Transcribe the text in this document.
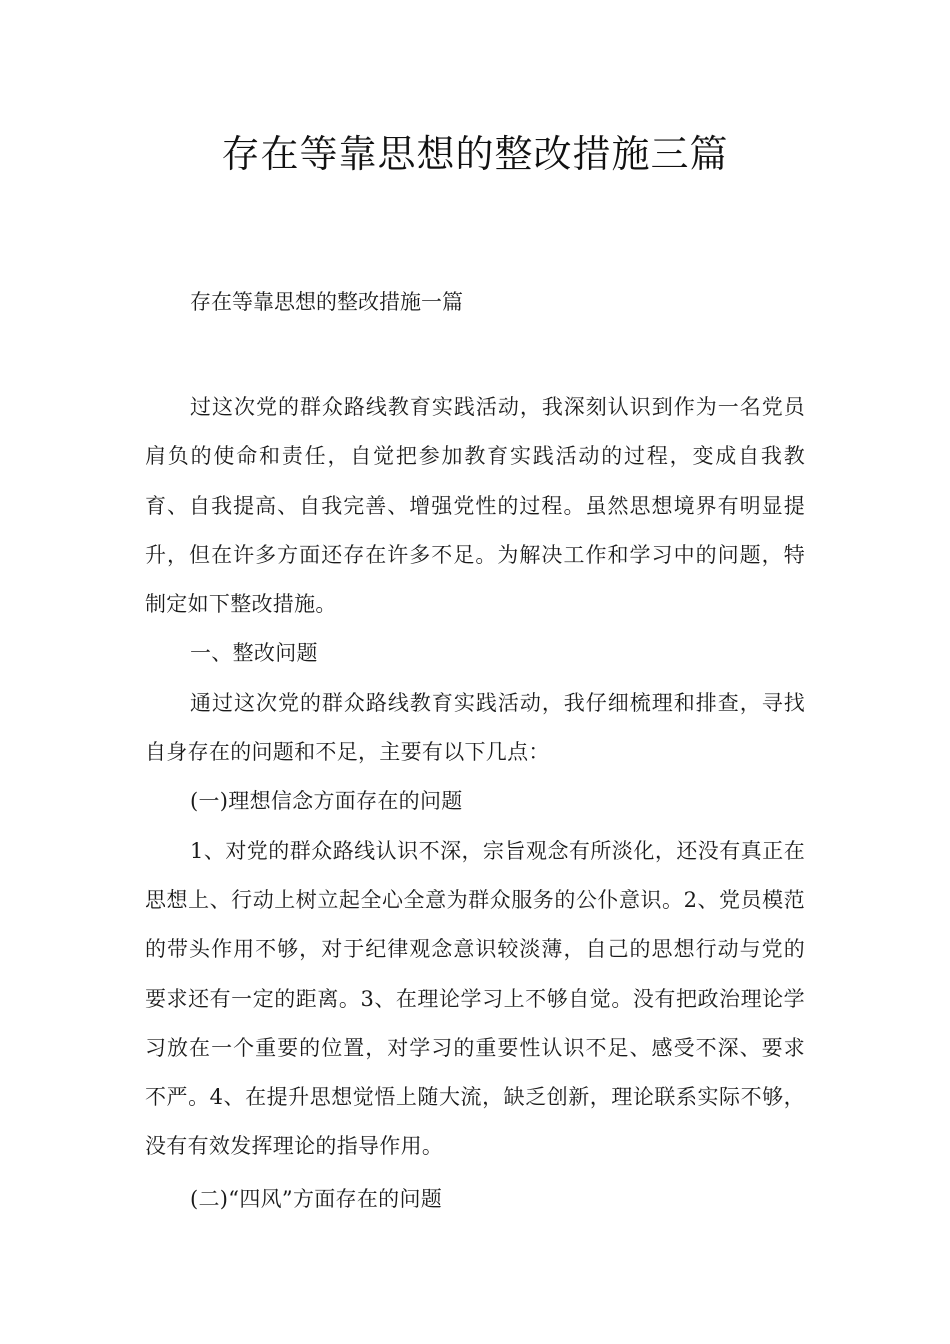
存在等靠思想的整改措施三篇
存在等靠思想的整改措施一篇

过这次党的群众路线教育实践活动，我深刻认识到作为一名党员肩负的使命和责任，自觉把参加教育实践活动的过程，变成自我教育、自我提高、自我完善、增强党性的过程。虽然思想境界有明显提升，但在许多方面还存在许多不足。为解决工作和学习中的问题，特制定如下整改措施。

一、整改问题

通过这次党的群众路线教育实践活动，我仔细梳理和排查，寻找自身存在的问题和不足，主要有以下几点：

(一)理想信念方面存在的问题

1、对党的群众路线认识不深，宗旨观念有所淡化，还没有真正在思想上、行动上树立起全心全意为群众服务的公仆意识。2、党员模范的带头作用不够，对于纪律观念意识较淡薄，自己的思想行动与党的要求还有一定的距离。3、在理论学习上不够自觉。没有把政治理论学习放在一个重要的位置，对学习的重要性认识不足、感受不深、要求不严。4、在提升思想觉悟上随大流，缺乏创新，理论联系实际不够，没有有效发挥理论的指导作用。

(二)“四风”方面存在的问题
